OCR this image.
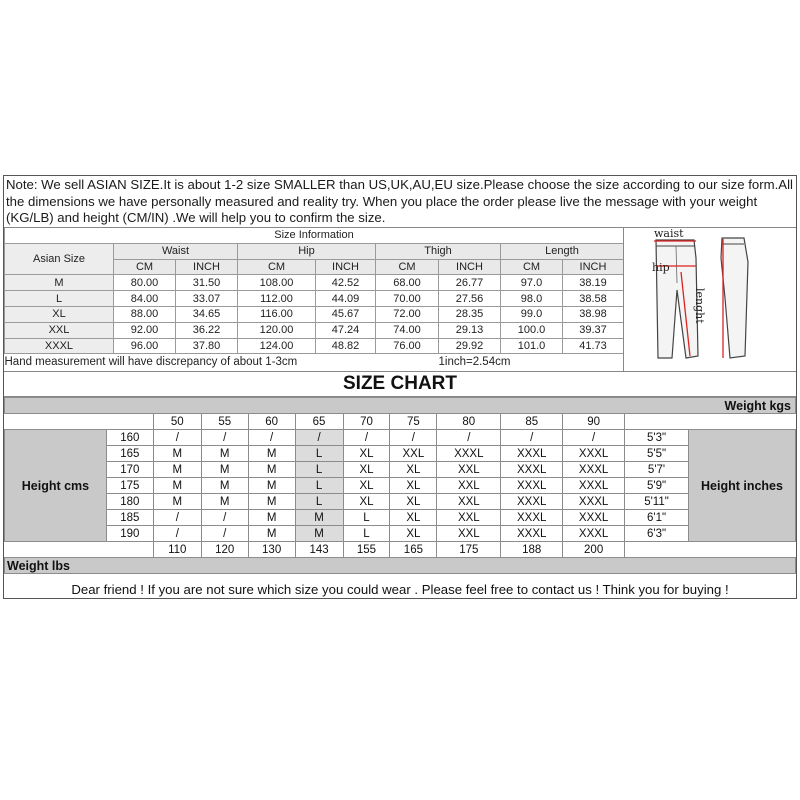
Note: We sell ASIAN SIZE.It is about 1-2 size SMALLER than US,UK,AU,EU size.Please choose the size according to our size form.All the dimensions we have personally measured and reality try. When you place the order please live the message with your weight (KG/LB) and height (CM/IN) .We will help you to confirm the size.
Size Information								
Asian Size	Waist		Hip		Thigh		Length	
	CM	INCH	CM	INCH	CM	INCH	CM	INCH
M	80.00	31.50	108.00	42.52	68.00	26.77	97.0	38.19
L	84.00	33.07	112.00	44.09	70.00	27.56	98.0	38.58
XL	88.00	34.65	116.00	45.67	72.00	28.35	99.0	38.98
XXL	92.00	36.22	120.00	47.24	74.00	29.13	100.0	39.37
XXXL	96.00	37.80	124.00	48.82	76.00	29.92	101.0	41.73
Hand measurement will have discrepancy of about 1-3cm						1inch=2.54cm		
waist
hip
lenght
SIZE CHART
Weight kgs												
		50	55	60	65	70	75	80	85	90		
Height cms	160	/	/	/	/	/	/	/	/	/	5'3"	Height inches
	165	M	M	M	L	XL	XXL	XXXL	XXXL	XXXL	5'5"	
	170	M	M	M	L	XL	XL	XXL	XXXL	XXXL	5'7'	
	175	M	M	M	L	XL	XL	XXL	XXXL	XXXL	5'9"	
	180	M	M	M	L	XL	XL	XXL	XXXL	XXXL	5'11"	
	185	/	/	M	M	L	XL	XXL	XXXL	XXXL	6'1"	
	190	/	/	M	M	L	XL	XXL	XXXL	XXXL	6'3"	
		110	120	130	143	155	165	175	188	200		
Weight lbs												
Dear friend ! If you are not sure which size you could wear . Please feel free to contact us ! Think you for buying !
